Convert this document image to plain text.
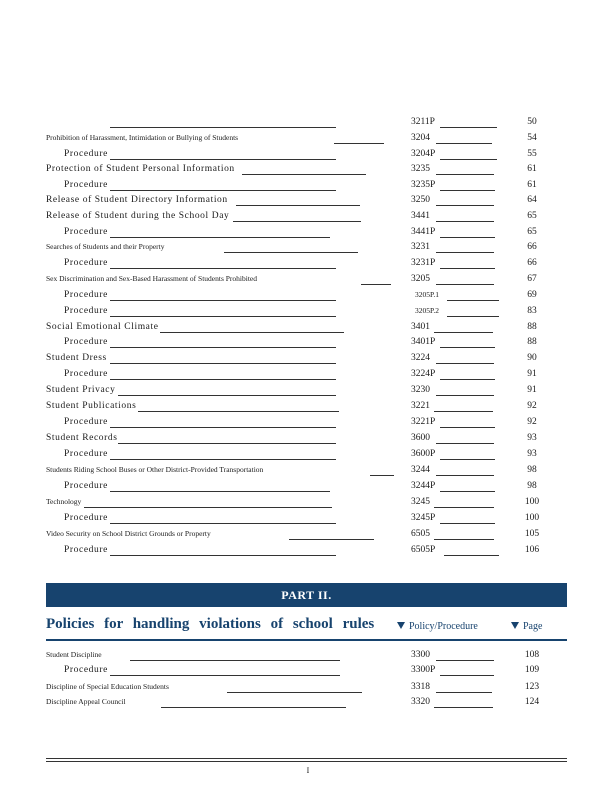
3211P	50
Prohibition of Harassment, Intimidation or Bullying of Students	3204	54
Procedure	3204P	55
Protection of Student Personal Information	3235	61
Procedure	3235P	61
Release of Student Directory Information	3250	64
Release of Student during the School Day	3441	65
Procedure	3441P	65
Searches of Students and their Property	3231	66
Procedure	3231P	66
Sex Discrimination and Sex-Based Harassment of Students Prohibited	3205	67
Procedure	3205P.1	69
Procedure	3205P.2	83
Social Emotional Climate	3401	88
Procedure	3401P	88
Student Dress	3224	90
Procedure	3224P	91
Student Privacy	3230	91
Student Publications	3221	92
Procedure	3221P	92
Student Records	3600	93
Procedure	3600P	93
Students Riding School Buses or Other District-Provided Transportation	3244	98
Procedure	3244P	98
Technology	3245	100
Procedure	3245P	100
Video Security on School District Grounds or Property	6505	105
Procedure	6505P	106
PART II.
Policies for handling violations of school rules	Policy/Procedure	Page
Student Discipline	3300	108
Procedure	3300P	109
Discipline of Special Education Students	3318	123
Discipline Appeal Council	3320	124
I
